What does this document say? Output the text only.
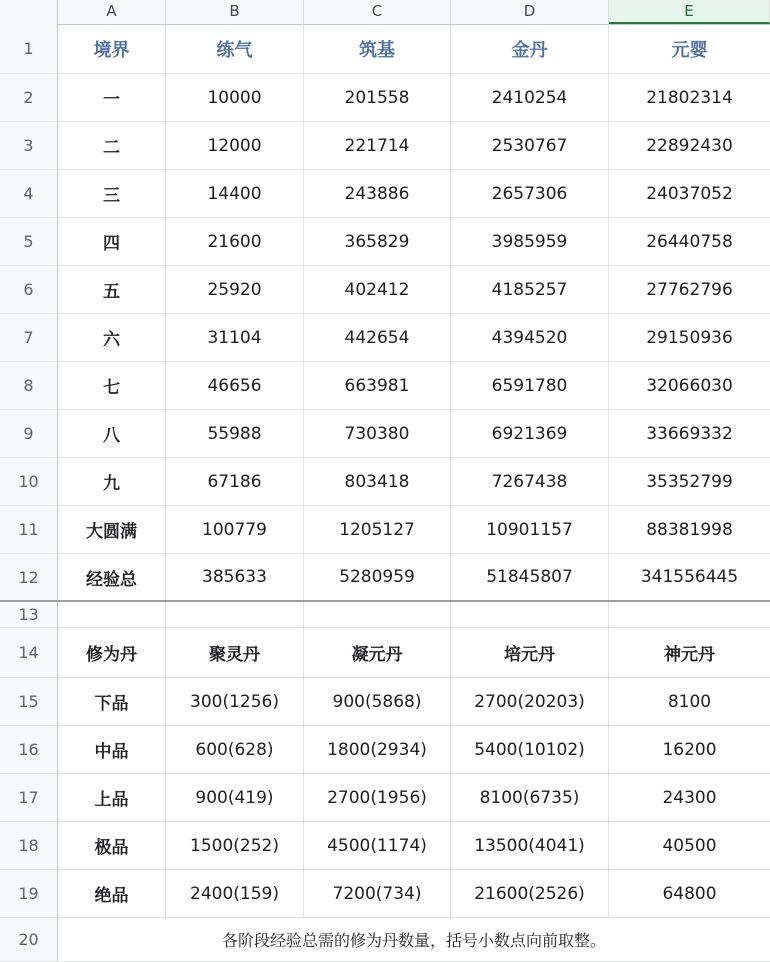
A	B	C	D	E
1	境界	练气	筑基	金丹	元婴
2	一	10000	201558	2410254	21802314
3	二	12000	221714	2530767	22892430
4	三	14400	243886	2657306	24037052
5	四	21600	365829	3985959	26440758
6	五	25920	402412	4185257	27762796
7	六	31104	442654	4394520	29150936
8	七	46656	663981	6591780	32066030
9	八	55988	730380	6921369	33669332
10	九	67186	803418	7267438	35352799
11	大圆满	100779	1205127	10901157	88381998
12	经验总	385633	5280959	51845807	341556445
13
14	修为丹	聚灵丹	凝元丹	培元丹	神元丹
15	下品	300(1256)	900(5868)	2700(20203)	8100
16	中品	600(628)	1800(2934)	5400(10102)	16200
17	上品	900(419)	2700(1956)	8100(6735)	24300
18	极品	1500(252)	4500(1174)	13500(4041)	40500
19	绝品	2400(159)	7200(734)	21600(2526)	64800
20	各阶段经验总需的修为丹数量，括号小数点向前取整。
